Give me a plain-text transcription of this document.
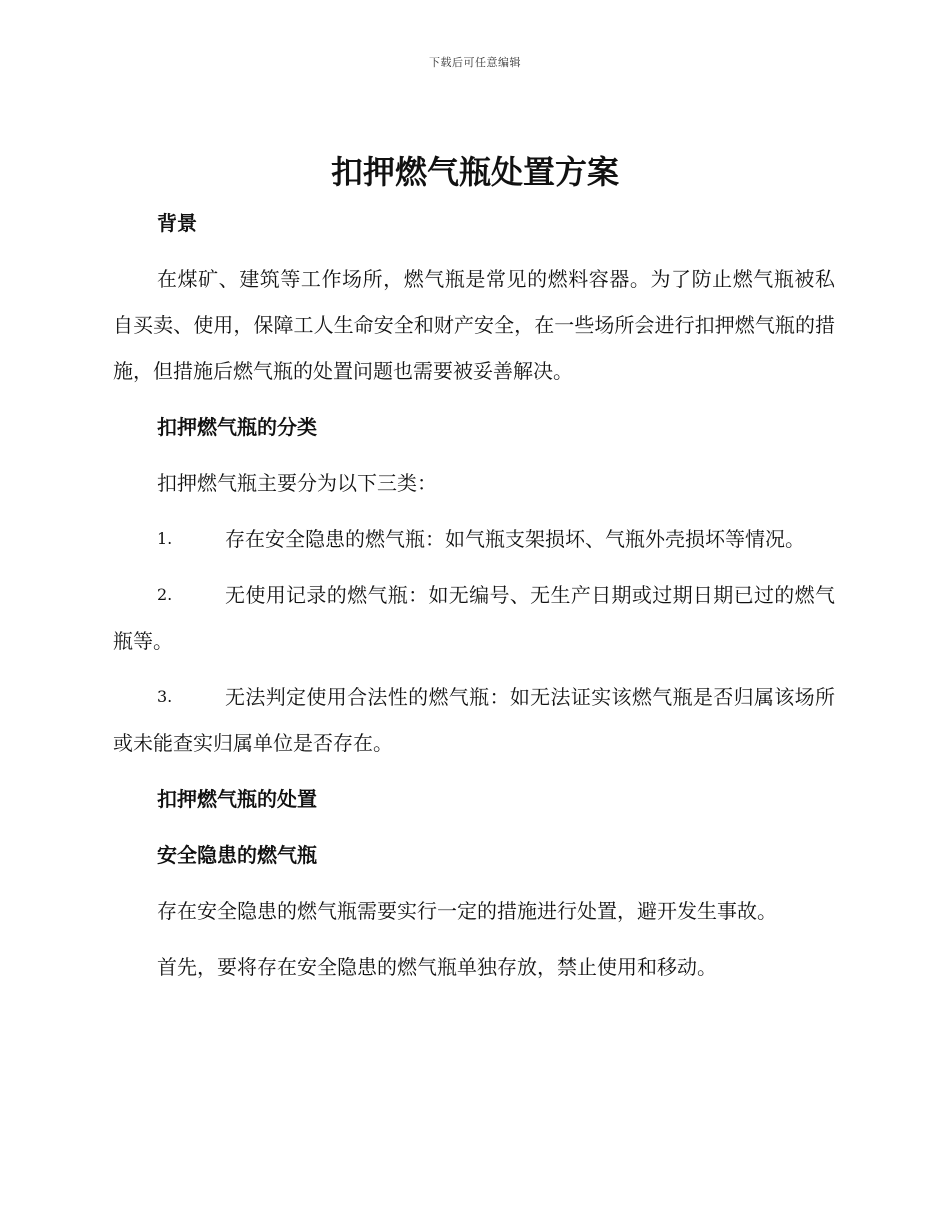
下载后可任意编辑
扣押燃气瓶处置方案
背景

在煤矿、建筑等工作场所，燃气瓶是常见的燃料容器。为了防止燃气瓶被私自买卖、使用，保障工人生命安全和财产安全，在一些场所会进行扣押燃气瓶的措施，但措施后燃气瓶的处置问题也需要被妥善解决。

扣押燃气瓶的分类

扣押燃气瓶主要分为以下三类：

1.	存在安全隐患的燃气瓶：如气瓶支架损坏、气瓶外壳损坏等情况。

2.	无使用记录的燃气瓶：如无编号、无生产日期或过期日期已过的燃气瓶等。

3.	无法判定使用合法性的燃气瓶：如无法证实该燃气瓶是否归属该场所或未能查实归属单位是否存在。

扣押燃气瓶的处置
安全隐患的燃气瓶

存在安全隐患的燃气瓶需要实行一定的措施进行处置，避开发生事故。

首先，要将存在安全隐患的燃气瓶单独存放，禁止使用和移动。
